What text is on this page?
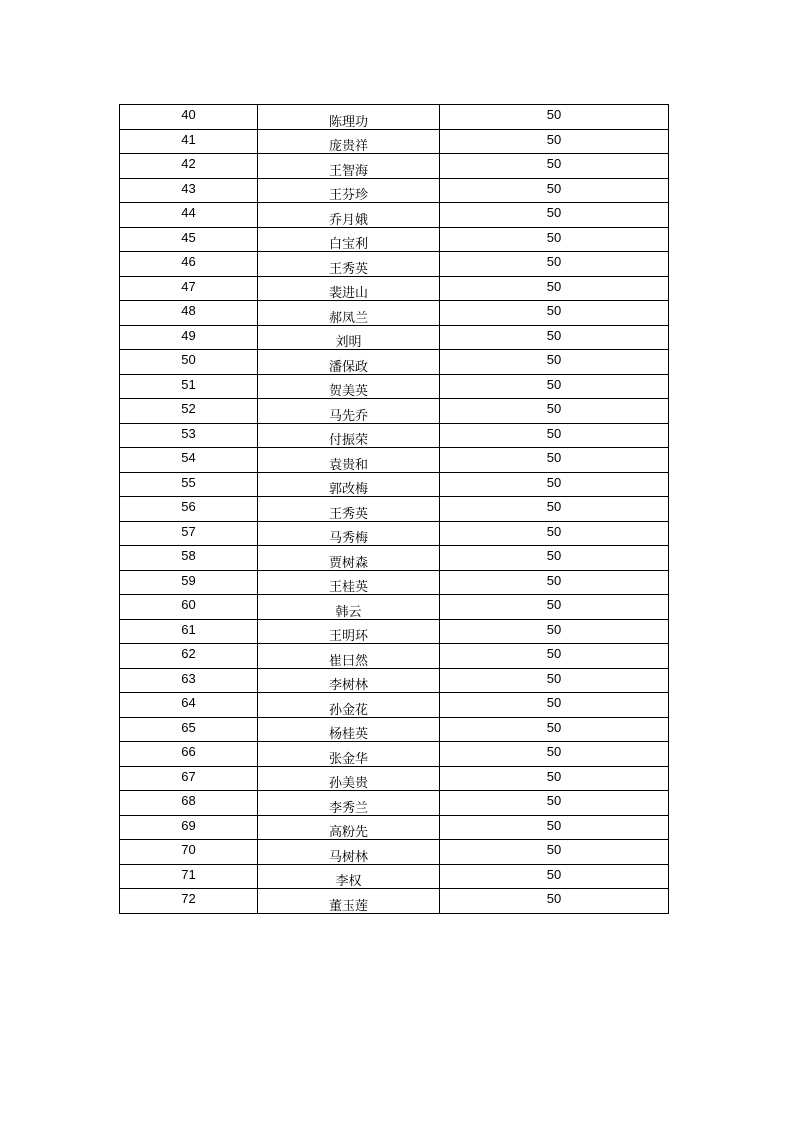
40	陈理功	50
41	庞贵祥	50
42	王智海	50
43	王芬珍	50
44	乔月娥	50
45	白宝利	50
46	王秀英	50
47	裴进山	50
48	郝凤兰	50
49	刘明	50
50	潘保政	50
51	贺美英	50
52	马先乔	50
53	付振荣	50
54	袁贵和	50
55	郭改梅	50
56	王秀英	50
57	马秀梅	50
58	贾树森	50
59	王桂英	50
60	韩云	50
61	王明环	50
62	崔曰然	50
63	李树林	50
64	孙金花	50
65	杨桂英	50
66	张金华	50
67	孙美贵	50
68	李秀兰	50
69	高粉先	50
70	马树林	50
71	李权	50
72	董玉莲	50
